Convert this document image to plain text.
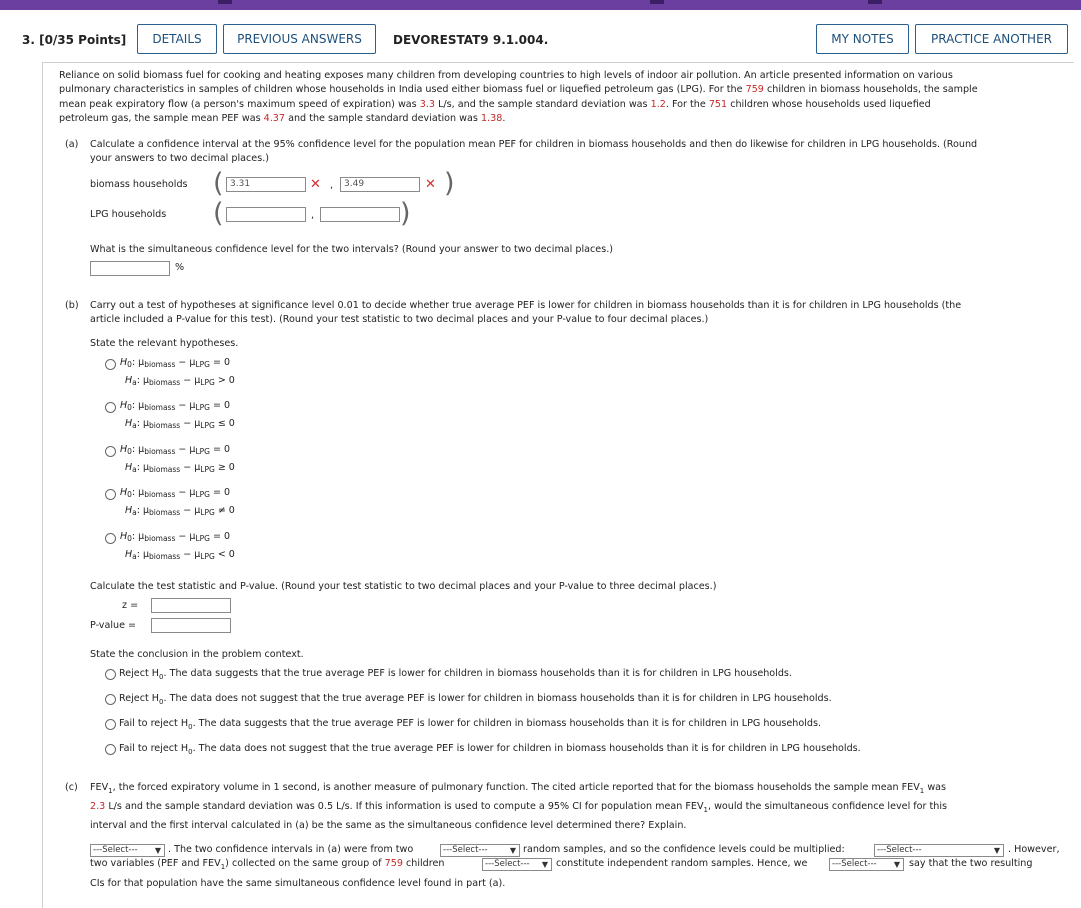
3. [0/35 Points]	DETAILS	PREVIOUS ANSWERS	DEVORESTAT9 9.1.004.	MY NOTES	PRACTICE ANOTHER
Reliance on solid biomass fuel for cooking and heating exposes many children from developing countries to high levels of indoor air pollution. An article presented information on various
pulmonary characteristics in samples of children whose households in India used either biomass fuel or liquefied petroleum gas (LPG). For the 759 children in biomass households, the sample
mean peak expiratory flow (a person's maximum speed of expiration) was 3.3 L/s, and the sample standard deviation was 1.2. For the 751 children whose households used liquefied
petroleum gas, the sample mean PEF was 4.37 and the sample standard deviation was 1.38.
(a) Calculate a confidence interval at the 95% confidence level for the population mean PEF for children in biomass households and then do likewise for children in LPG households. (Round
your answers to two decimal places.)
biomass households ( 3.31	✕ ,	3.49	✕ )
LPG households (	,	)
What is the simultaneous confidence level for the two intervals? (Round your answer to two decimal places.)
%
(b) Carry out a test of hypotheses at significance level 0.01 to decide whether true average PEF is lower for children in biomass households than it is for children in LPG households (the
article included a P-value for this test). (Round your test statistic to two decimal places and your P-value to four decimal places.)
State the relevant hypotheses.
$H_0$: $\mu_{biomass} - \mu_{LPG} = 0$
$H_a$: $\mu_{biomass} - \mu_{LPG} > 0$
$H_0$: $\mu_{biomass} - \mu_{LPG} = 0$
$H_a$: $\mu_{biomass} - \mu_{LPG} \le 0$
$H_0$: $\mu_{biomass} - \mu_{LPG} = 0$
$H_a$: $\mu_{biomass} - \mu_{LPG} \ge 0$
$H_0$: $\mu_{biomass} - \mu_{LPG} = 0$
$H_a$: $\mu_{biomass} - \mu_{LPG} \ne 0$
$H_0$: $\mu_{biomass} - \mu_{LPG} = 0$
$H_a$: $\mu_{biomass} - \mu_{LPG} < 0$
Calculate the test statistic and P-value. (Round your test statistic to two decimal places and your P-value to three decimal places.)
z =
P-value =
State the conclusion in the problem context.
Reject $H_0$. The data suggests that the true average PEF is lower for children in biomass households than it is for children in LPG households.
Reject $H_0$. The data does not suggest that the true average PEF is lower for children in biomass households than it is for children in LPG households.
Fail to reject $H_0$. The data suggests that the true average PEF is lower for children in biomass households than it is for children in LPG households.
Fail to reject $H_0$. The data does not suggest that the true average PEF is lower for children in biomass households than it is for children in LPG households.
(c) $FEV_1$, the forced expiratory volume in 1 second, is another measure of pulmonary function. The cited article reported that for the biomass households the sample mean $FEV_1$ was
2.3 L/s and the sample standard deviation was 0.5 L/s. If this information is used to compute a 95% CI for population mean $FEV_1$, would the simultaneous confidence level for this
interval and the first interval calculated in (a) be the same as the simultaneous confidence level determined there? Explain.
---Select--- ▼ . The two confidence intervals in (a) were from two	---Select---	▼ random samples, and so the confidence levels could be multiplied:	---Select---	▼ . However,
two variables (PEF and $FEV_1$) collected on the same group of 759 children	---Select--- ▼ constitute independent random samples. Hence, we	---Select--- ▼ say that the two resulting
CIs for that population have the same simultaneous confidence level found in part (a).
